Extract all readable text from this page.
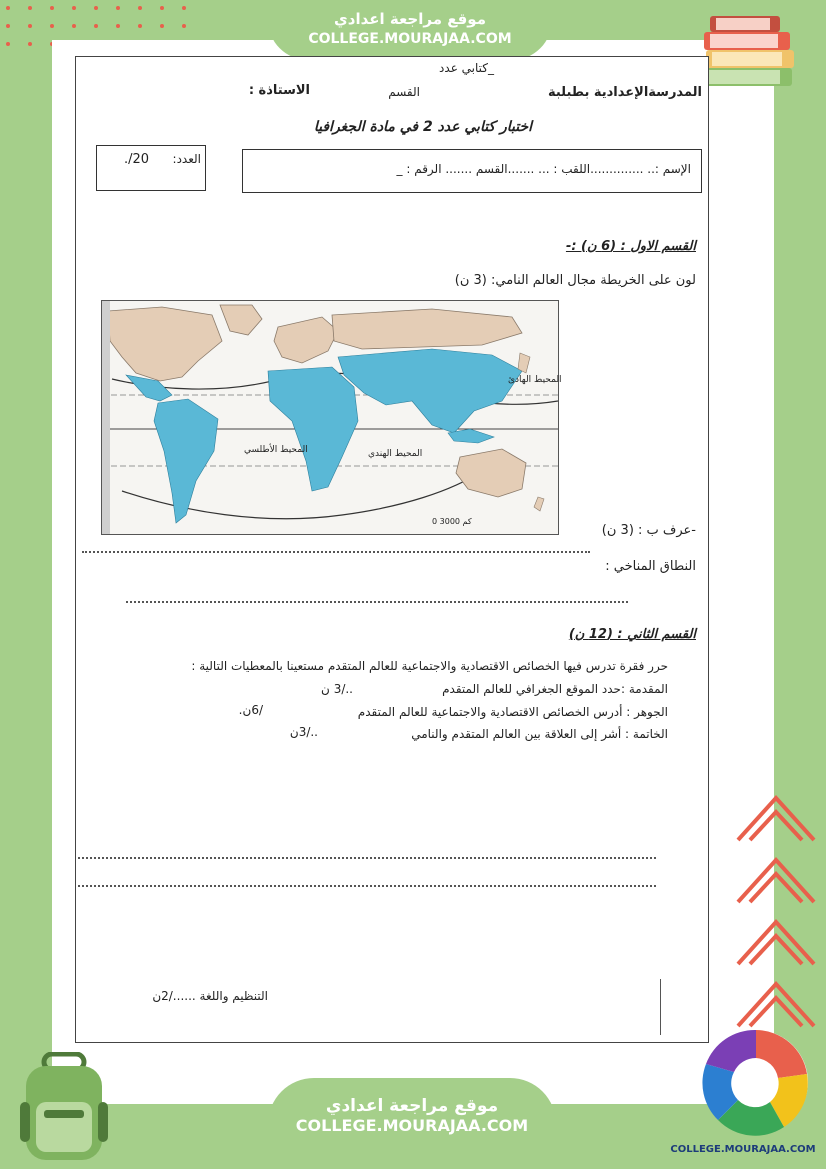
موقع مراجعة اعدادي
COLLEGE.MOURAJAA.COM
_كتابي عدد
المدرسةالإعدادية بطبلبة
القسم
الاستاذة :
اختبار كتابي عدد 2 في مادة الجغرافيا
الإسم :.. ..............اللقب : ... .......القسم ....... الرقم : _
العدد:
20/.
القسم الاول : (6 ن) :-
لون على الخريطة مجال العالم النامي: (3 ن)
المحيط الهادئ
المحيط الأطلسي	المحيط الهندي
0 3000 كم
-عرف ب : (3 ن)
النطاق المناخي :
القسم الثاني : (12 ن)
حرر فقرة تدرس فيها الخصائص الاقتصادية والاجتماعية للعالم المتقدم مستعينا بالمعطيات التالية :
المقدمة :حدد الموقع الجغرافي للعالم المتقدم
../3 ن
الجوهر : أدرس الخصائص الاقتصادية والاجتماعية للعالم المتقدم
/6ن.
الخاتمة : أشر إلى العلاقة بين العالم المتقدم والنامي
../3ن
التنظيم واللغة ....../2ن
موقع مراجعة اعدادي
COLLEGE.MOURAJAA.COM
COLLEGE.MOURAJAA.COM
